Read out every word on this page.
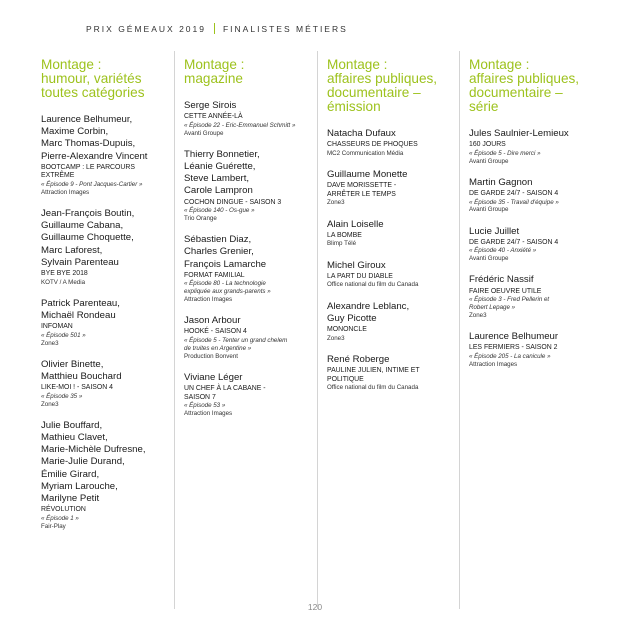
PRIX GÉMEAUX 2019 FINALISTES MÉTIERS
Montage :
humour, variétés
toutes catégories
Laurence Belhumeur,
Maxime Corbin,
Marc Thomas-Dupuis,
Pierre-Alexandre Vincent
BOOTCAMP : LE PARCOURS
EXTRÊME
« Épisode 9 - Pont Jacques-Cartier »
Attraction Images
Jean-François Boutin,
Guillaume Cabana,
Guillaume Choquette,
Marc Laforest,
Sylvain Parenteau
BYE BYE 2018
KOTV / A Media
Patrick Parenteau,
Michaël Rondeau
INFOMAN
« Épisode 501 »
Zone3
Olivier Binette,
Matthieu Bouchard
LIKE-MOI ! - SAISON 4
« Épisode 35 »
Zone3
Julie Bouffard,
Mathieu Clavet,
Marie-Michèle Dufresne,
Marie-Julie Durand,
Émilie Girard,
Myriam Larouche,
Marilyne Petit
RÉVOLUTION
« Épisode 1 »
Fair-Play
Montage :
magazine
Serge Sirois
CETTE ANNÉE-LÀ
« Épisode 22 - Eric-Emmanuel Schmitt »
Avanti Groupe
Thierry Bonnetier,
Léanie Guérette,
Steve Lambert,
Carole Lampron
COCHON DINGUE - SAISON 3
« Épisode 140 - Os-gue »
Trio Orange
Sébastien Diaz,
Charles Grenier,
François Lamarche
FORMAT FAMILIAL
« Épisode 80 - La technologie
expliquée aux grands-parents »
Attraction Images
Jason Arbour
HOOKÉ - SAISON 4
« Épisode 5 - Tenter un grand chelem
de truites en Argentine »
Production Bonvent
Viviane Léger
UN CHEF À LA CABANE -
SAISON 7
« Épisode 53 »
Attraction Images
Montage :
affaires publiques,
documentaire –
émission
Natacha Dufaux
CHASSEURS DE PHOQUES
MC2 Communication Média
Guillaume Monette
DAVE MORISSETTE -
ARRÊTER LE TEMPS
Zone3
Alain Loiselle
LA BOMBE
Blimp Télé
Michel Giroux
LA PART DU DIABLE
Office national du film du Canada
Alexandre Leblanc,
Guy Picotte
MONONCLE
Zone3
René Roberge
PAULINE JULIEN, INTIME ET
POLITIQUE
Office national du film du Canada
Montage :
affaires publiques,
documentaire –
série
Jules Saulnier-Lemieux
160 JOURS
« Épisode 5 - Dire merci »
Avanti Groupe
Martin Gagnon
DE GARDE 24/7 - SAISON 4
« Épisode 35 - Travail d'équipe »
Avanti Groupe
Lucie Juillet
DE GARDE 24/7 - SAISON 4
« Épisode 40 - Anxiété »
Avanti Groupe
Frédéric Nassif
FAIRE OEUVRE UTILE
« Épisode 3 - Fred Pellerin et
Robert Lepage »
Zone3
Laurence Belhumeur
LES FERMIERS - SAISON 2
« Épisode 205 - La canicule »
Attraction Images
120
